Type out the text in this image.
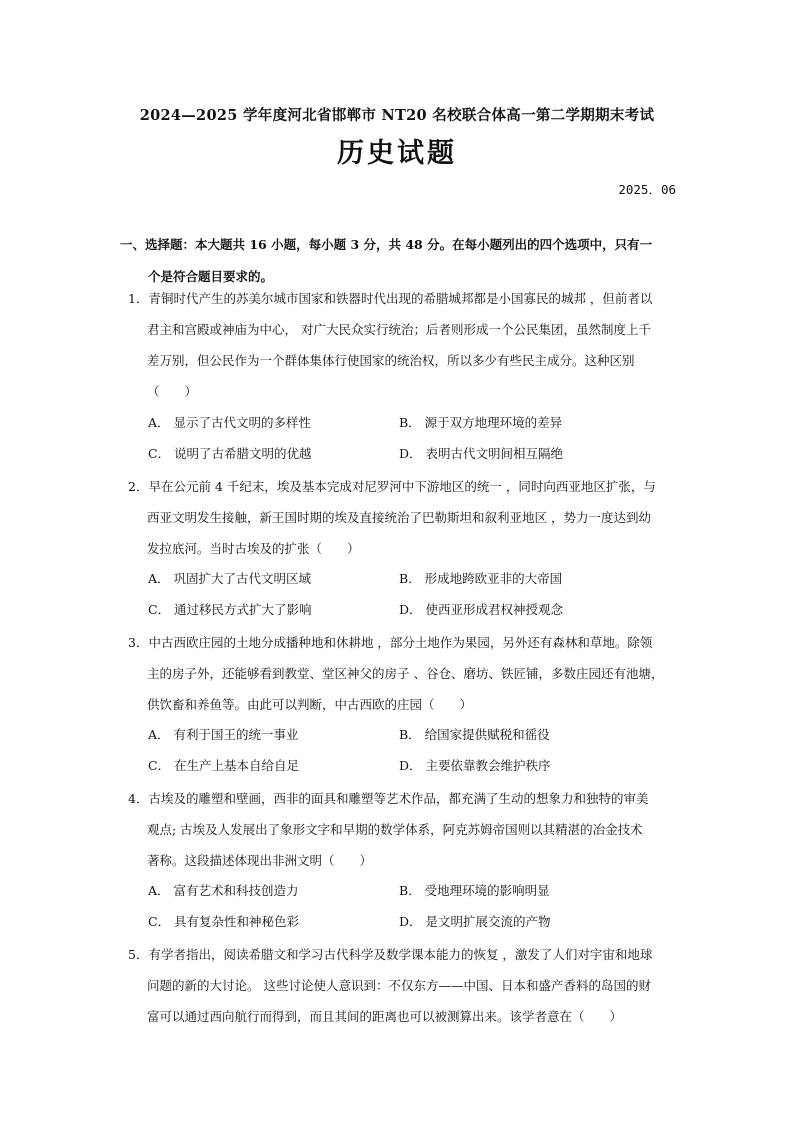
2024—2025 学年度河北省邯郸市 NT20 名校联合体高一第二学期期末考试
历史试题
2025．06
一、选择题：本大题共 16 小题，每小题 3 分，共 48 分。在每小题列出的四个选项中，只有一
个是符合题目要求的。
1．青铜时代产生的苏美尔城市国家和铁器时代出现的希腊城邦都是小国寡民的城邦 ，但前者以
君主和宫殿或神庙为中心， 对广大民众实行统治；后者则形成一个公民集团，虽然制度上千
差万别，但公民作为一个群体集体行使国家的统治权，所以多少有些民主成分。这种区别
（　　）
A． 显示了古代文明的多样性	B． 源于双方地理环境的差异
C． 说明了古希腊文明的优越	D． 表明古代文明间相互隔绝
2．早在公元前 4 千纪末，埃及基本完成对尼罗河中下游地区的统一 ，同时向西亚地区扩张，与
西亚文明发生接触，新王国时期的埃及直接统治了巴勒斯坦和叙利亚地区 ，势力一度达到幼
发拉底河。当时古埃及的扩张（　　）
A． 巩固扩大了古代文明区域	B． 形成地跨欧亚非的大帝国
C． 通过移民方式扩大了影响	D． 使西亚形成君权神授观念
3．中古西欧庄园的土地分成播种地和休耕地 ，部分土地作为果园，另外还有森林和草地。除领
主的房子外，还能够看到教堂、堂区神父的房子 、谷仓、磨坊、铁匠铺，多数庄园还有池塘，
供饮畜和养鱼等。由此可以判断，中古西欧的庄园（　　）
A． 有利于国王的统一事业	B． 给国家提供赋税和徭役
C． 在生产上基本自给自足	D． 主要依靠教会维护秩序
4．古埃及的雕塑和壁画，西非的面具和雕塑等艺术作品，都充满了生动的想象力和独特的审美
观点; 古埃及人发展出了象形文字和早期的数学体系，阿克苏姆帝国则以其精湛的冶金技术
著称。这段描述体现出非洲文明（　　）
A． 富有艺术和科技创造力	B． 受地理环境的影响明显
C． 具有复杂性和神秘色彩	D． 是文明扩展交流的产物
5．有学者指出，阅读希腊文和学习古代科学及数学课本能力的恢复 ，激发了人们对宇宙和地球
问题的新的大讨论。 这些讨论使人意识到：不仅东方——中国、日本和盛产香料的岛国的财
富可以通过西向航行而得到，而且其间的距离也可以被测算出来。该学者意在（　　）
